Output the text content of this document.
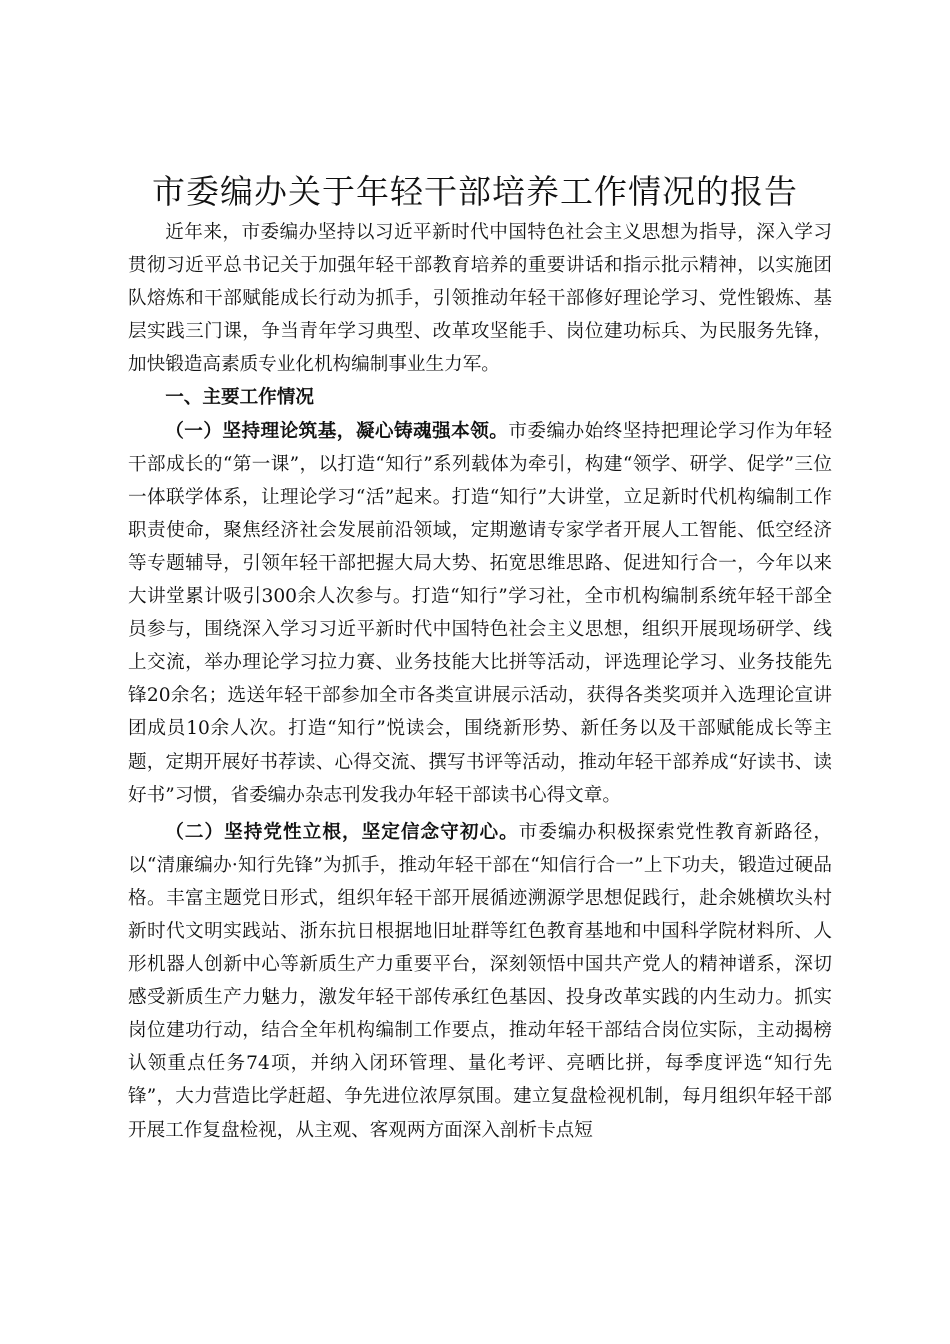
市委编办关于年轻干部培养工作情况的报告

近年来，市委编办坚持以习近平新时代中国特色社会主义思想为指导，深入学习贯彻习近平总书记关于加强年轻干部教育培养的重要讲话和指示批示精神，以实施团队熔炼和干部赋能成长行动为抓手，引领推动年轻干部修好理论学习、党性锻炼、基层实践三门课，争当青年学习典型、改革攻坚能手、岗位建功标兵、为民服务先锋，加快锻造高素质专业化机构编制事业生力军。

一、主要工作情况

（一）坚持理论筑基，凝心铸魂强本领。市委编办始终坚持把理论学习作为年轻干部成长的“第一课”，以打造“知行”系列载体为牵引，构建“领学、研学、促学”三位一体联学体系，让理论学习“活”起来。打造“知行”大讲堂，立足新时代机构编制工作职责使命，聚焦经济社会发展前沿领域，定期邀请专家学者开展人工智能、低空经济等专题辅导，引领年轻干部把握大局大势、拓宽思维思路、促进知行合一，今年以来大讲堂累计吸引300余人次参与。打造“知行”学习社，全市机构编制系统年轻干部全员参与，围绕深入学习习近平新时代中国特色社会主义思想，组织开展现场研学、线上交流，举办理论学习拉力赛、业务技能大比拼等活动，评选理论学习、业务技能先锋20余名；选送年轻干部参加全市各类宣讲展示活动，获得各类奖项并入选理论宣讲团成员10余人次。打造“知行”悦读会，围绕新形势、新任务以及干部赋能成长等主题，定期开展好书荐读、心得交流、撰写书评等活动，推动年轻干部养成“好读书、读好书”习惯，省委编办杂志刊发我办年轻干部读书心得文章。

（二）坚持党性立根，坚定信念守初心。市委编办积极探索党性教育新路径，以“清廉编办·知行先锋”为抓手，推动年轻干部在“知信行合一”上下功夫，锻造过硬品格。丰富主题党日形式，组织年轻干部开展循迹溯源学思想促践行，赴余姚横坎头村新时代文明实践站、浙东抗日根据地旧址群等红色教育基地和中国科学院材料所、人形机器人创新中心等新质生产力重要平台，深刻领悟中国共产党人的精神谱系，深切感受新质生产力魅力，激发年轻干部传承红色基因、投身改革实践的内生动力。抓实岗位建功行动，结合全年机构编制工作要点，推动年轻干部结合岗位实际，主动揭榜认领重点任务74项，并纳入闭环管理、量化考评、亮晒比拼，每季度评选“知行先锋”，大力营造比学赶超、争先进位浓厚氛围。建立复盘检视机制，每月组织年轻干部开展工作复盘检视，从主观、客观两方面深入剖析卡点短
